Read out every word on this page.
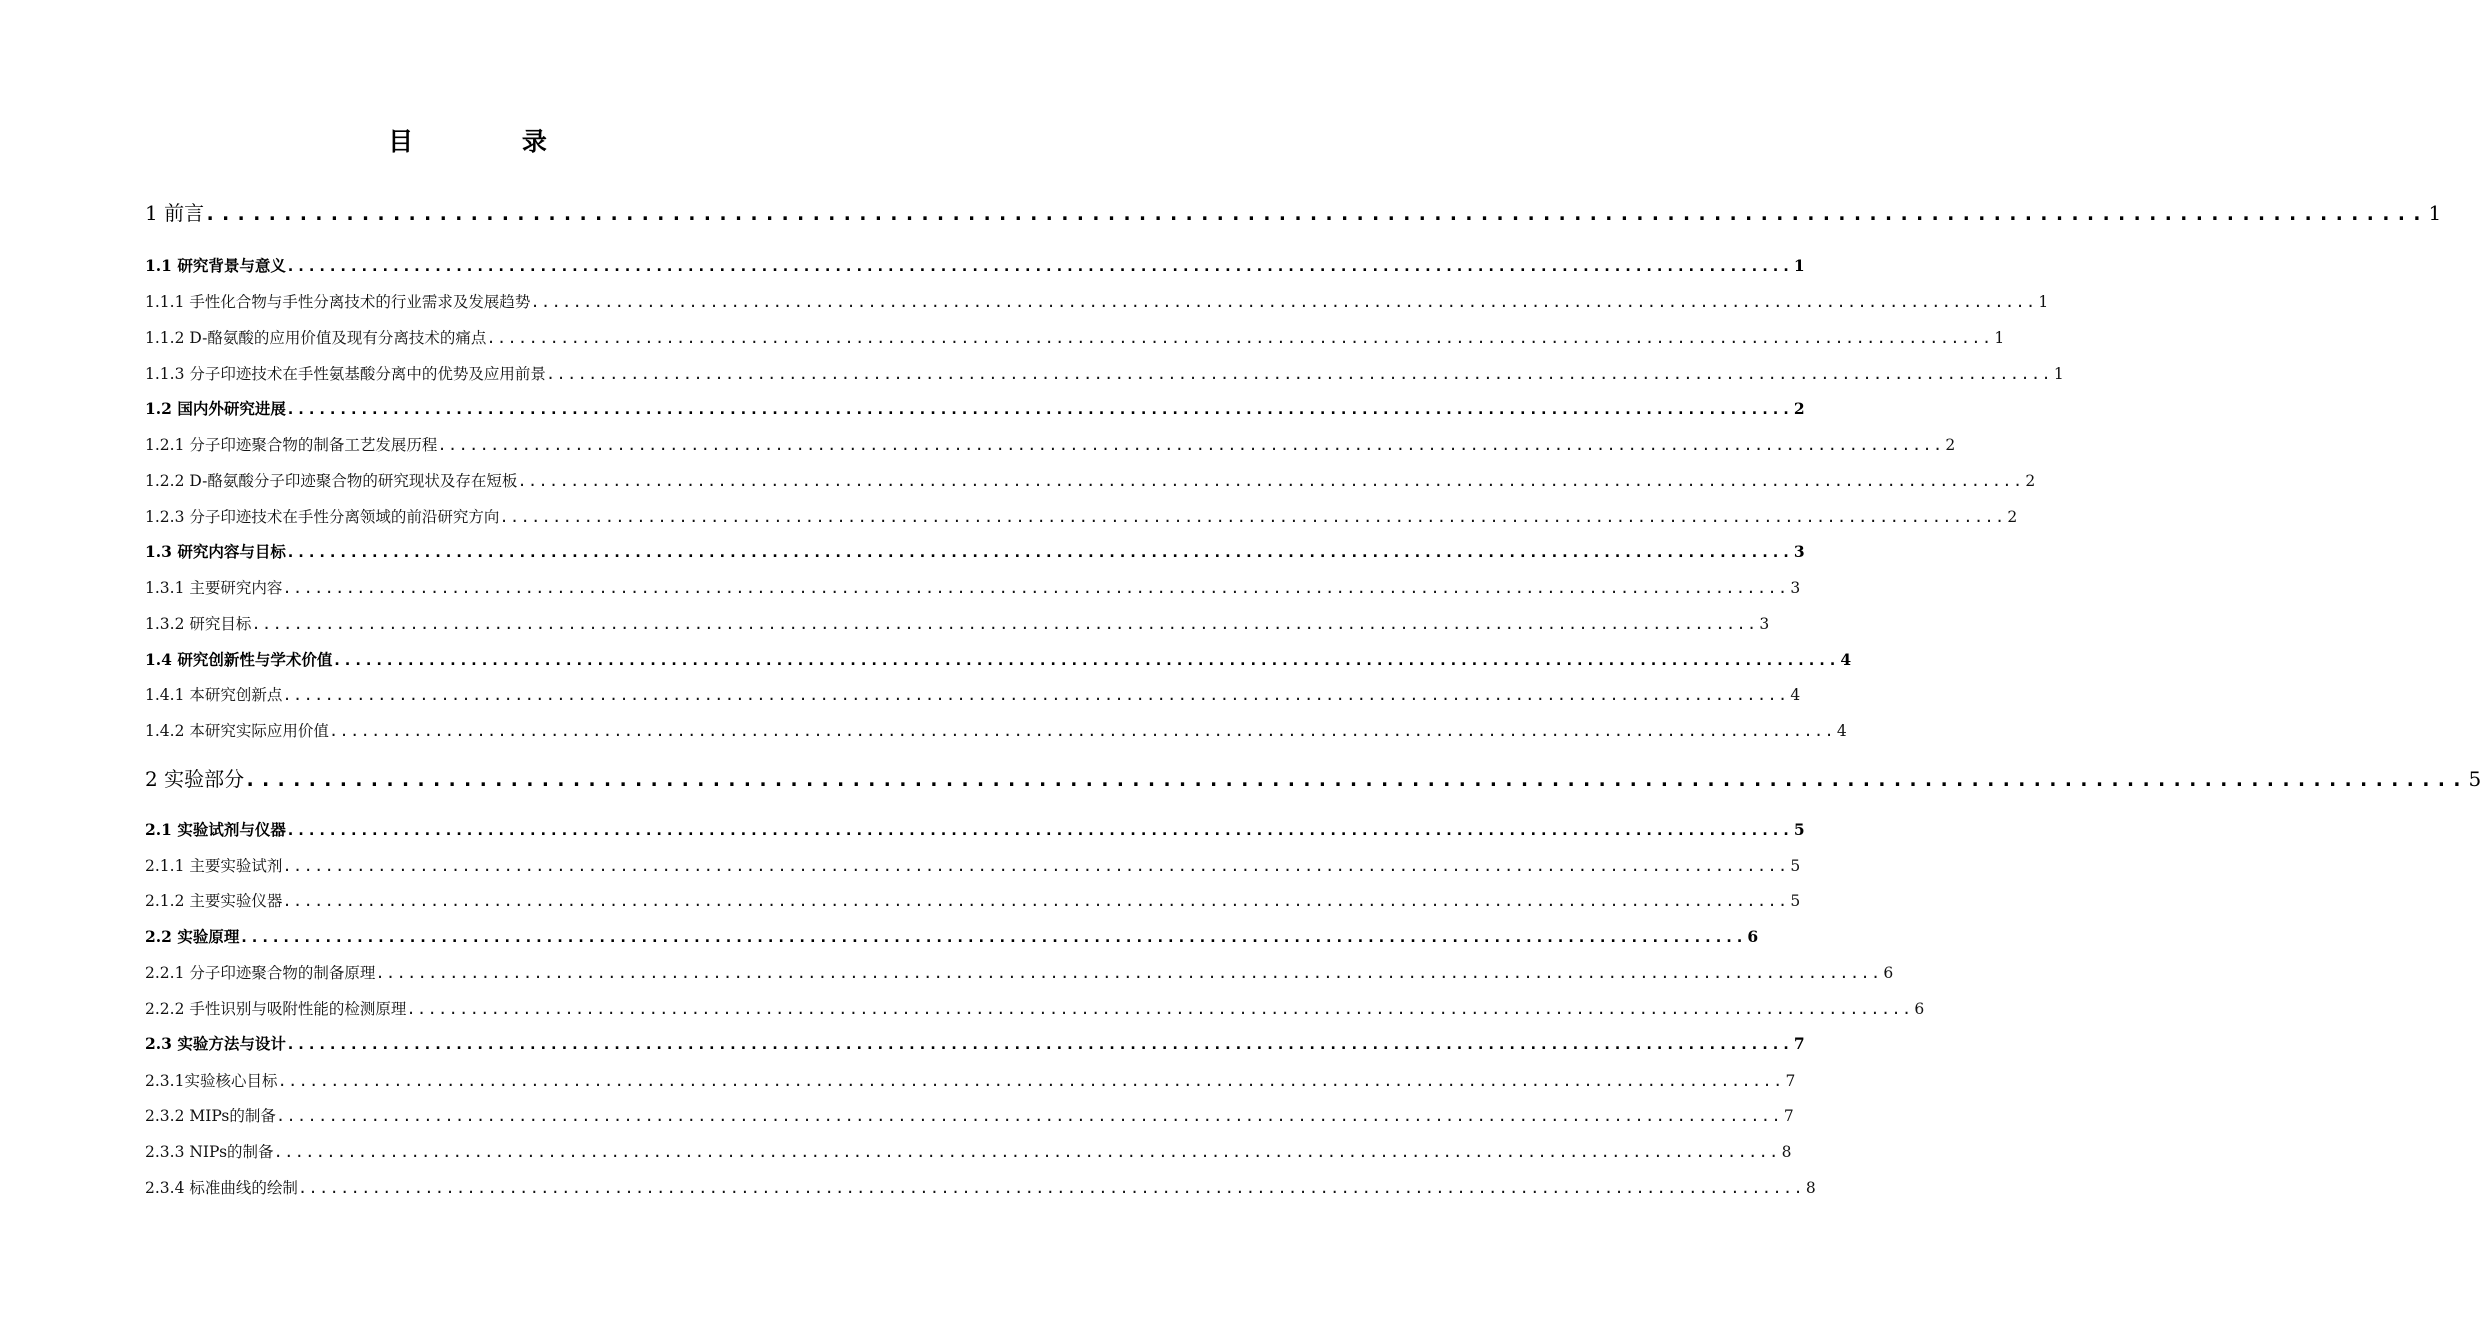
目 录
1 前言 ............................................................................................................................................... 1
1.1 研究背景与意义 ............................................................................................................................................... 1
1.1.1 手性化合物与手性分离技术的行业需求及发展趋势 ............................................................................................................................................... 1
1.1.2 D-酪氨酸的应用价值及现有分离技术的痛点 ............................................................................................................................................... 1
1.1.3 分子印迹技术在手性氨基酸分离中的优势及应用前景 ............................................................................................................................................... 1
1.2 国内外研究进展 ............................................................................................................................................... 2
1.2.1 分子印迹聚合物的制备工艺发展历程 ............................................................................................................................................... 2
1.2.2 D-酪氨酸分子印迹聚合物的研究现状及存在短板 ............................................................................................................................................... 2
1.2.3 分子印迹技术在手性分离领域的前沿研究方向 ............................................................................................................................................... 2
1.3 研究内容与目标 ............................................................................................................................................... 3
1.3.1 主要研究内容 ............................................................................................................................................... 3
1.3.2 研究目标 ............................................................................................................................................... 3
1.4 研究创新性与学术价值 ............................................................................................................................................... 4
1.4.1 本研究创新点 ............................................................................................................................................... 4
1.4.2 本研究实际应用价值 ............................................................................................................................................... 4
2 实验部分 ............................................................................................................................................... 5
2.1 实验试剂与仪器 ............................................................................................................................................... 5
2.1.1 主要实验试剂 ............................................................................................................................................... 5
2.1.2 主要实验仪器 ............................................................................................................................................... 5
2.2 实验原理 ............................................................................................................................................... 6
2.2.1 分子印迹聚合物的制备原理 ............................................................................................................................................... 6
2.2.2 手性识别与吸附性能的检测原理 ............................................................................................................................................... 6
2.3 实验方法与设计 ............................................................................................................................................... 7
2.3.1实验核心目标 ............................................................................................................................................... 7
2.3.2 MIPs的制备 ............................................................................................................................................... 7
2.3.3 NIPs的制备 ............................................................................................................................................... 8
2.3.4 标准曲线的绘制 ............................................................................................................................................... 8
